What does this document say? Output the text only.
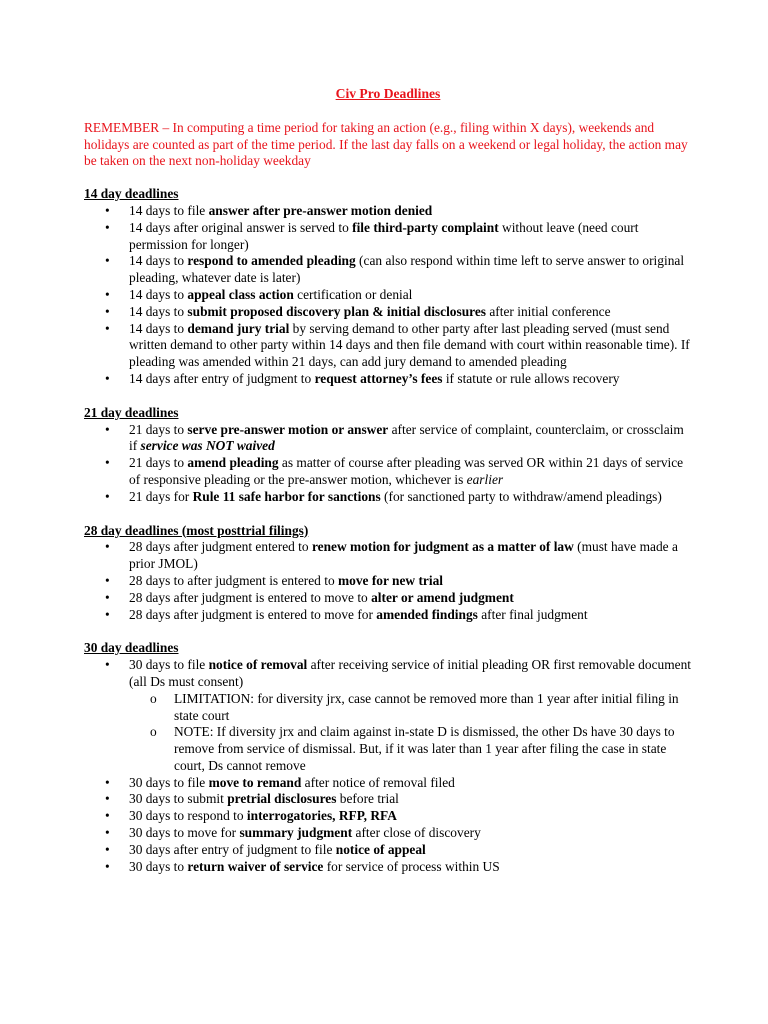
Civ Pro Deadlines
REMEMBER – In computing a time period for taking an action (e.g., filing within X days), weekends and holidays are counted as part of the time period. If the last day falls on a weekend or legal holiday, the action may be taken on the next non-holiday weekday
14 day deadlines
• 14 days to file answer after pre-answer motion denied
• 14 days after original answer is served to file third-party complaint without leave (need court permission for longer)
• 14 days to respond to amended pleading (can also respond within time left to serve answer to original pleading, whatever date is later)
• 14 days to appeal class action certification or denial
• 14 days to submit proposed discovery plan & initial disclosures after initial conference
• 14 days to demand jury trial by serving demand to other party after last pleading served (must send written demand to other party within 14 days and then file demand with court within reasonable time). If pleading was amended within 21 days, can add jury demand to amended pleading
• 14 days after entry of judgment to request attorney’s fees if statute or rule allows recovery
21 day deadlines
• 21 days to serve pre-answer motion or answer after service of complaint, counterclaim, or crossclaim if service was NOT waived
• 21 days to amend pleading as matter of course after pleading was served OR within 21 days of service of responsive pleading or the pre-answer motion, whichever is earlier
• 21 days for Rule 11 safe harbor for sanctions (for sanctioned party to withdraw/amend pleadings)
28 day deadlines (most posttrial filings)
• 28 days after judgment entered to renew motion for judgment as a matter of law (must have made a prior JMOL)
• 28 days to after judgment is entered to move for new trial
• 28 days after judgment is entered to move to alter or amend judgment
• 28 days after judgment is entered to move for amended findings after final judgment
30 day deadlines
• 30 days to file notice of removal after receiving service of initial pleading OR first removable document (all Ds must consent)
o LIMITATION: for diversity jrx, case cannot be removed more than 1 year after initial filing in state court
o NOTE: If diversity jrx and claim against in-state D is dismissed, the other Ds have 30 days to remove from service of dismissal. But, if it was later than 1 year after filing the case in state court, Ds cannot remove
• 30 days to file move to remand after notice of removal filed
• 30 days to submit pretrial disclosures before trial
• 30 days to respond to interrogatories, RFP, RFA
• 30 days to move for summary judgment after close of discovery
• 30 days after entry of judgment to file notice of appeal
• 30 days to return waiver of service for service of process within US
